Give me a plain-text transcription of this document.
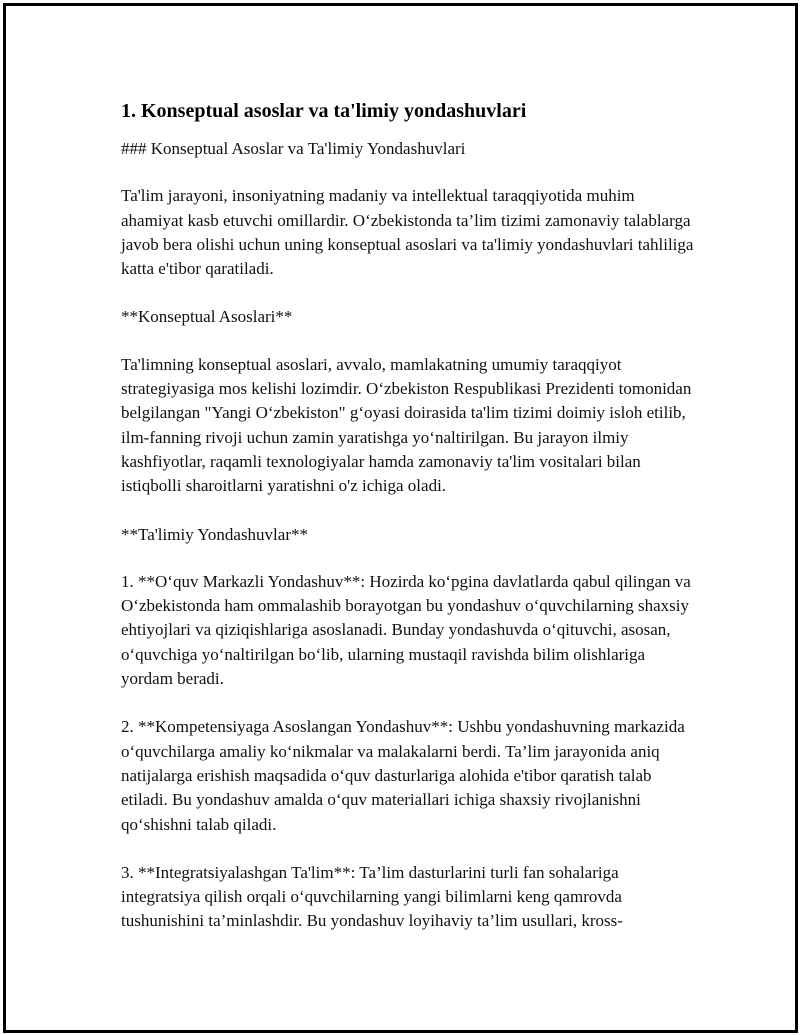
1. Konseptual asoslar va ta'limiy yondashuvlari

### Konseptual Asoslar va Ta'limiy Yondashuvlari

Ta'lim jarayoni, insoniyatning madaniy va intellektual taraqqiyotida muhim ahamiyat kasb etuvchi omillardir. O‘zbekistonda ta’lim tizimi zamonaviy talablarga javob bera olishi uchun uning konseptual asoslari va ta'limiy yondashuvlari tahliliga katta e'tibor qaratiladi.

**Konseptual Asoslari**

Ta'limning konseptual asoslari, avvalo, mamlakatning umumiy taraqqiyot strategiyasiga mos kelishi lozimdir. O‘zbekiston Respublikasi Prezidenti tomonidan belgilangan "Yangi O‘zbekiston" g‘oyasi doirasida ta'lim tizimi doimiy isloh etilib, ilm-fanning rivoji uchun zamin yaratishga yo‘naltirilgan. Bu jarayon ilmiy kashfiyotlar, raqamli texnologiyalar hamda zamonaviy ta'lim vositalari bilan istiqbolli sharoitlarni yaratishni o'z ichiga oladi.

**Ta'limiy Yondashuvlar**

1. **O‘quv Markazli Yondashuv**: Hozirda ko‘pgina davlatlarda qabul qilingan va O‘zbekistonda ham ommalashib borayotgan bu yondashuv o‘quvchilarning shaxsiy ehtiyojlari va qiziqishlariga asoslanadi. Bunday yondashuvda o‘qituvchi, asosan, o‘quvchiga yo‘naltirilgan bo‘lib, ularning mustaqil ravishda bilim olishlariga yordam beradi.

2. **Kompetensiyaga Asoslangan Yondashuv**: Ushbu yondashuvning markazida o‘quvchilarga amaliy ko‘nikmalar va malakalarni berdi. Ta’lim jarayonida aniq natijalarga erishish maqsadida o‘quv dasturlariga alohida e'tibor qaratish talab etiladi. Bu yondashuv amalda o‘quv materiallari ichiga shaxsiy rivojlanishni qo‘shishni talab qiladi.

3. **Integratsiyalashgan Ta'lim**: Ta’lim dasturlarini turli fan sohalariga integratsiya qilish orqali o‘quvchilarning yangi bilimlarni keng qamrovda tushunishini ta’minlashdir. Bu yondashuv loyihaviy ta’lim usullari, kross-
